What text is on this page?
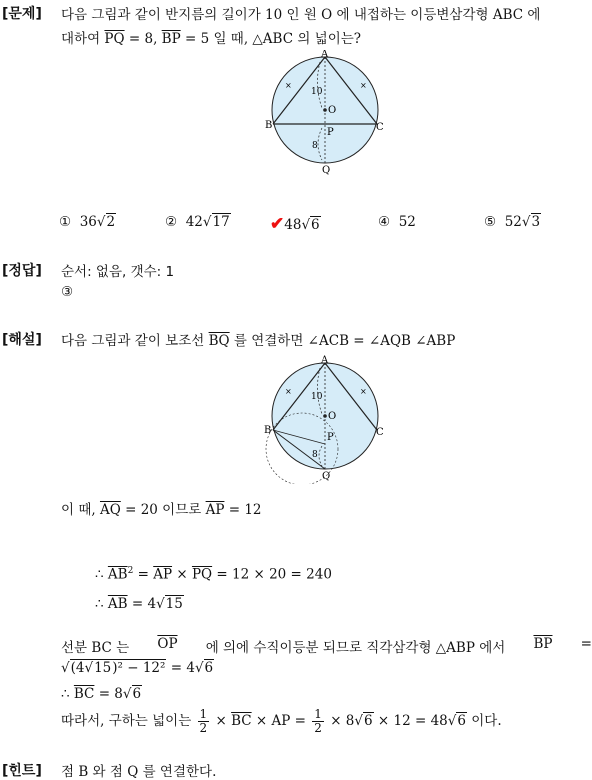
[문제] 다음 그림과 같이 반지름의 길이가 10 인 원 O 에 내접하는 이등변삼각형 ABC 에
대하여 $\overline{PQ} = 8$, $\overline{BP} = 5$ 일 때, △ABC 의 넓이는?
×	×
A
B	C
O
P
Q
10
8
① 36√2	② 42√17 ✔48√6	④ 52	⑤ 52√3
[정답] 순서: 없음, 갯수: 1
③
[해설] 다음 그림과 같이 보조선 $\overline{BQ}$ 를 연결하면 ∠ACB = ∠AQB ∠ABP
×	×
A
B	C
O
P
Q
10
8
이 때, $\overline{AQ} = 20$ 이므로 $\overline{AP} = 12$
∴ $\overline{AB}^2 = \overline{AP} \times \overline{PQ} = 12 \times 20 = 240$
∴ $\overline{AB} = 4√15$
선분 BC 는 $\overline{OP}$ 에 의에 수직이등분 되므로 직각삼각형 △ABP 에서 $\overline{BP}$ =
√(4√15)² − 12² = 4√6
∴ $\overline{BC} = 8√6$
따라서, 구하는 넓이는 $\frac{1}{2} \times \overline{BC}$ × AP = $\frac{1}{2} \times 8√6 \times 12 = 48√6$ 이다.
[힌트] 점 B 와 점 Q 를 연결한다.
